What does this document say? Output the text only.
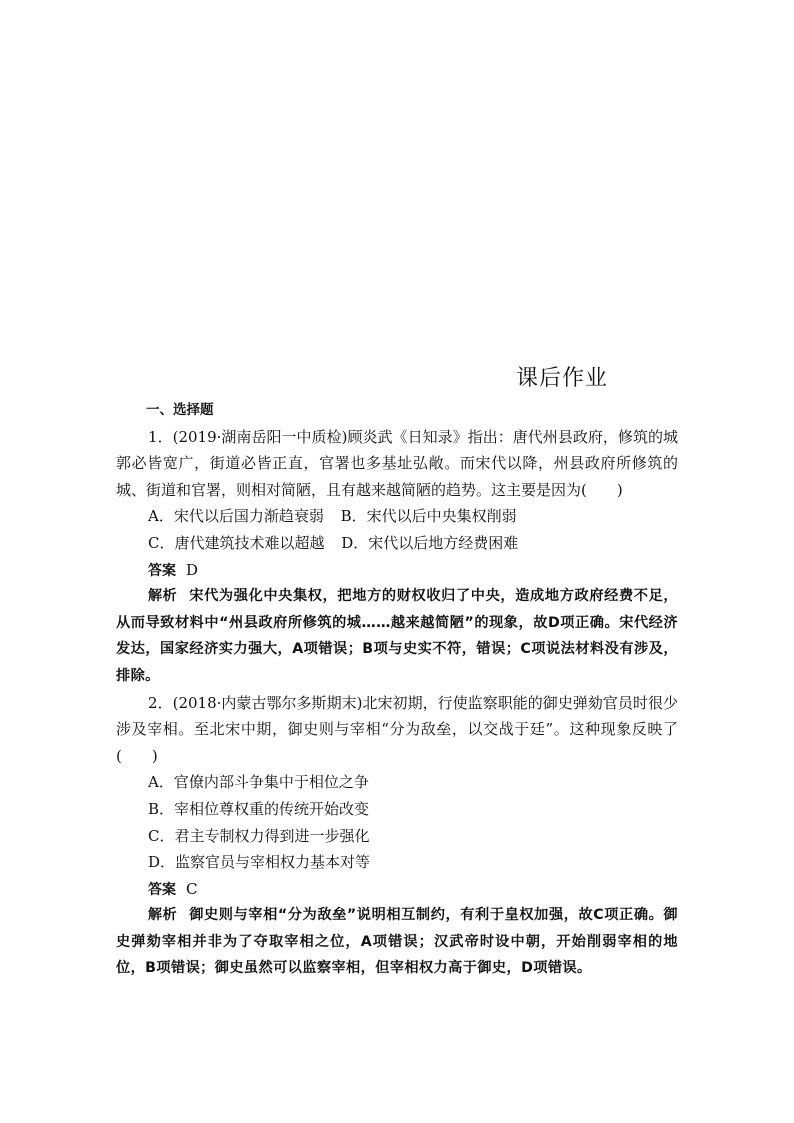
课后作业
一、选择题
1．(2019·湖南岳阳一中质检)顾炎武《日知录》指出：唐代州县政府，修筑的城郭必皆宽广，街道必皆正直，官署也多基址弘敞。而宋代以降，州县政府所修筑的城、街道和官署，则相对简陋，且有越来越简陋的趋势。这主要是因为(　　)
A．宋代以后国力渐趋衰弱 B．宋代以后中央集权削弱
C．唐代建筑技术难以超越 D．宋代以后地方经费困难
答案 D
解析 宋代为强化中央集权，把地方的财权收归了中央，造成地方政府经费不足，从而导致材料中“州县政府所修筑的城……越来越简陋”的现象，故D项正确。宋代经济发达，国家经济实力强大，A项错误；B项与史实不符，错误；C项说法材料没有涉及，排除。
2．(2018·内蒙古鄂尔多斯期末)北宋初期，行使监察职能的御史弹劾官员时很少涉及宰相。至北宋中期，御史则与宰相“分为敌垒，以交战于廷”。这种现象反映了(　　)
A．官僚内部斗争集中于相位之争
B．宰相位尊权重的传统开始改变
C．君主专制权力得到进一步强化
D．监察官员与宰相权力基本对等
答案 C
解析 御史则与宰相“分为敌垒”说明相互制约，有利于皇权加强，故C项正确。御史弹劾宰相并非为了夺取宰相之位，A项错误；汉武帝时设中朝，开始削弱宰相的地位，B项错误；御史虽然可以监察宰相，但宰相权力高于御史，D项错误。
